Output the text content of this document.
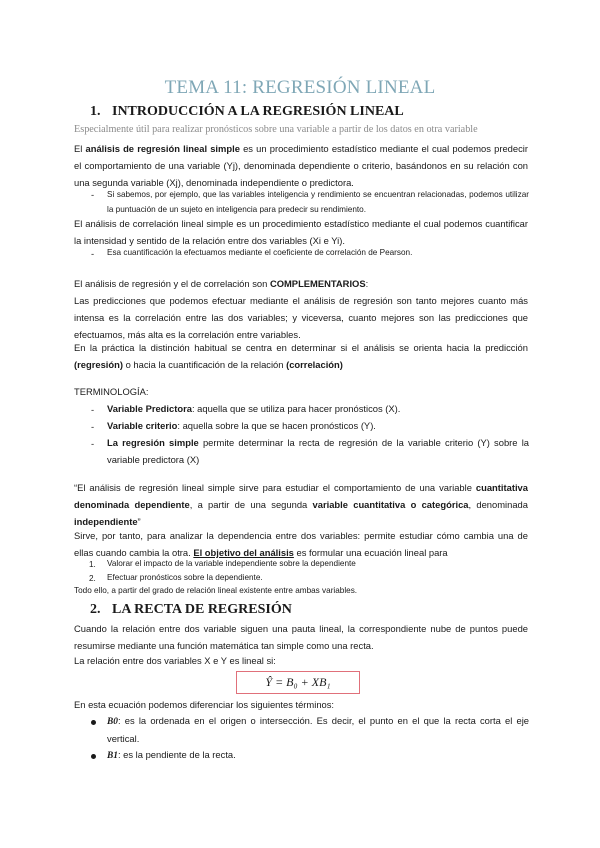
TEMA 11: REGRESIÓN LINEAL
1. INTRODUCCIÓN A LA REGRESIÓN LINEAL
Especialmente útil para realizar pronósticos sobre una variable a partir de los datos en otra variable
El análisis de regresión lineal simple es un procedimiento estadístico mediante el cual podemos predecir el comportamiento de una variable (Yj), denominada dependiente o criterio, basándonos en su relación con una segunda variable (Xj), denominada independiente o predictora.
- Si sabemos, por ejemplo, que las variables inteligencia y rendimiento se encuentran relacionadas, podemos utilizar la puntuación de un sujeto en inteligencia para predecir su rendimiento.
El análisis de correlación lineal simple es un procedimiento estadístico mediante el cual podemos cuantificar la intensidad y sentido de la relación entre dos variables (Xi e Yi).
- Esa cuantificación la efectuamos mediante el coeficiente de correlación de Pearson.
El análisis de regresión y el de correlación son COMPLEMENTARIOS:
Las predicciones que podemos efectuar mediante el análisis de regresión son tanto mejores cuanto más intensa es la correlación entre las dos variables; y viceversa, cuanto mejores son las predicciones que efectuamos, más alta es la correlación entre variables.
En la práctica la distinción habitual se centra en determinar si el análisis se orienta hacia la predicción (regresión) o hacia la cuantificación de la relación (correlación)
TERMINOLOGÍA:
- Variable Predictora: aquella que se utiliza para hacer pronósticos (X).
- Variable criterio: aquella sobre la que se hacen pronósticos (Y).
- La regresión simple permite determinar la recta de regresión de la variable criterio (Y) sobre la variable predictora (X)
“El análisis de regresión lineal simple sirve para estudiar el comportamiento de una variable cuantitativa denominada dependiente, a partir de una segunda variable cuantitativa o categórica, denominada independiente”
Sirve, por tanto, para analizar la dependencia entre dos variables: permite estudiar cómo cambia una de ellas cuando cambia la otra. El objetivo del análisis es formular una ecuación lineal para
1. Valorar el impacto de la variable independiente sobre la dependiente
2. Efectuar pronósticos sobre la dependiente.
Todo ello, a partir del grado de relación lineal existente entre ambas variables.
2. LA RECTA DE REGRESIÓN
Cuando la relación entre dos variable siguen una pauta lineal, la correspondiente nube de puntos puede resumirse mediante una función matemática tan simple como una recta.
La relación entre dos variables X e Y es lineal si:
Ŷ = B₀ + XB₁
En esta ecuación podemos diferenciar los siguientes términos:
B0: es la ordenada en el origen o intersección. Es decir, el punto en el que la recta corta el eje vertical.
B1: es la pendiente de la recta.
